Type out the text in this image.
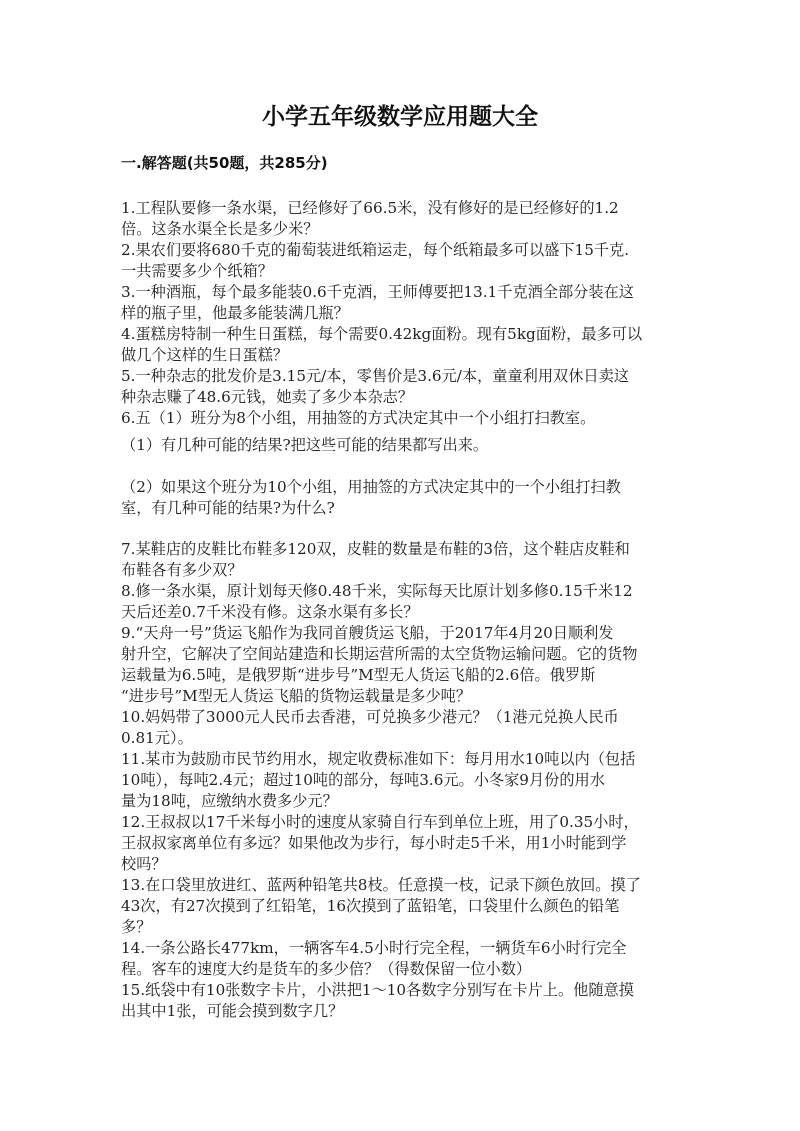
小学五年级数学应用题大全
一.解答题(共50题，共285分)
1.工程队要修一条水渠，已经修好了66.5米，没有修好的是已经修好的1.2
倍。这条水渠全长是多少米？
2.果农们要将680千克的葡萄装进纸箱运走，每个纸箱最多可以盛下15千克.
一共需要多少个纸箱？
3.一种酒瓶，每个最多能装0.6千克酒，王师傅要把13.1千克酒全部分装在这
样的瓶子里，他最多能装满几瓶？
4.蛋糕房特制一种生日蛋糕，每个需要0.42kg面粉。现有5kg面粉，最多可以
做几个这样的生日蛋糕？
5.一种杂志的批发价是3.15元/本，零售价是3.6元/本，童童利用双休日卖这
种杂志赚了48.6元钱，她卖了多少本杂志？
6.五（1）班分为8个小组，用抽签的方式决定其中一个小组打扫教室。
（1）有几种可能的结果?把这些可能的结果都写出来。
（2）如果这个班分为10个小组，用抽签的方式决定其中的一个小组打扫教
室，有几种可能的结果?为什么?
7.某鞋店的皮鞋比布鞋多120双，皮鞋的数量是布鞋的3倍，这个鞋店皮鞋和
布鞋各有多少双？
8.修一条水渠，原计划每天修0.48千米，实际每天比原计划多修0.15千米12
天后还差0.7千米没有修。这条水渠有多长？
9.“天舟一号”货运飞船作为我同首艘货运飞船，于2017年4月20日顺利发
射升空，它解决了空间站建造和长期运营所需的太空货物运输问题。它的货物
运载量为6.5吨，是俄罗斯“进步号”M型无人货运飞船的2.6倍。俄罗斯
“进步号”M型无人货运飞船的货物运载量是多少吨？
10.妈妈带了3000元人民币去香港，可兑换多少港元？（1港元兑换人民币
0.81元）。
11.某市为鼓励市民节约用水，规定收费标准如下：每月用水10吨以内（包括
10吨），每吨2.4元；超过10吨的部分，每吨3.6元。小冬家9月份的用水
量为18吨，应缴纳水费多少元？
12.王叔叔以17千米每小时的速度从家骑自行车到单位上班，用了0.35小时，
王叔叔家离单位有多远？如果他改为步行，每小时走5千米，用1小时能到学
校吗？
13.在口袋里放进红、蓝两种铅笔共8枝。任意摸一枝，记录下颜色放回。摸了
43次，有27次摸到了红铅笔，16次摸到了蓝铅笔，口袋里什么颜色的铅笔
多？
14.一条公路长477km，一辆客车4.5小时行完全程，一辆货车6小时行完全
程。客车的速度大约是货车的多少倍？（得数保留一位小数）
15.纸袋中有10张数字卡片，小洪把1～10各数字分别写在卡片上。他随意摸
出其中1张，可能会摸到数字几？
